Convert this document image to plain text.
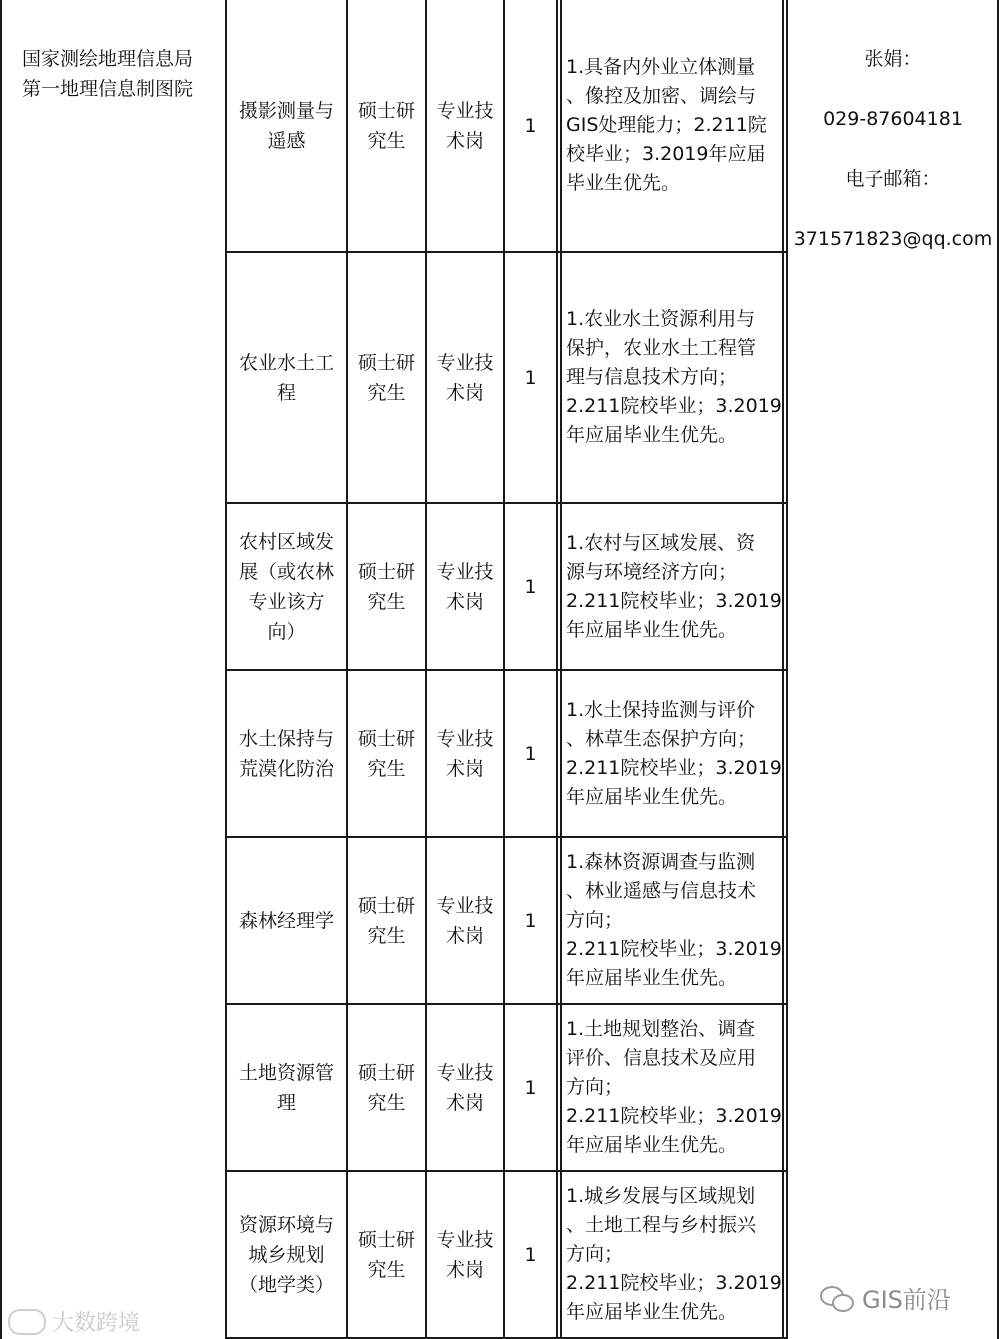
国家测绘地理信息局
第一地理信息制图院

张娟：

029-87604181

电子邮箱：

371571823@qq.com

摄影测量与
遥感
硕士研
究生
专业技
术岗
1
1.具备内外业立体测量
、像控及加密、调绘与
GIS处理能力；2.211院
校毕业；3.2019年应届
毕业生优先。
农业水土工
程
硕士研
究生
专业技
术岗
1
1.农业水土资源利用与
保护，农业水土工程管
理与信息技术方向；
2.211院校毕业；3.2019
年应届毕业生优先。
农村区域发
展（或农林
专业该方
向）
硕士研
究生
专业技
术岗
1
1.农村与区域发展、资
源与环境经济方向；
2.211院校毕业；3.2019
年应届毕业生优先。
水土保持与
荒漠化防治
硕士研
究生
专业技
术岗
1
1.水土保持监测与评价
、林草生态保护方向；
2.211院校毕业；3.2019
年应届毕业生优先。
森林经理学
硕士研
究生
专业技
术岗
1
1.森林资源调查与监测
、林业遥感与信息技术
方向；
2.211院校毕业；3.2019
年应届毕业生优先。
土地资源管
理
硕士研
究生
专业技
术岗
1
1.土地规划整治、调查
评价、信息技术及应用
方向；
2.211院校毕业；3.2019
年应届毕业生优先。
资源环境与
城乡规划
（地学类）
硕士研
究生
专业技
术岗
1
1.城乡发展与区域规划
、土地工程与乡村振兴
方向；
2.211院校毕业；3.2019
年应届毕业生优先。
大数跨境
GIS前沿
